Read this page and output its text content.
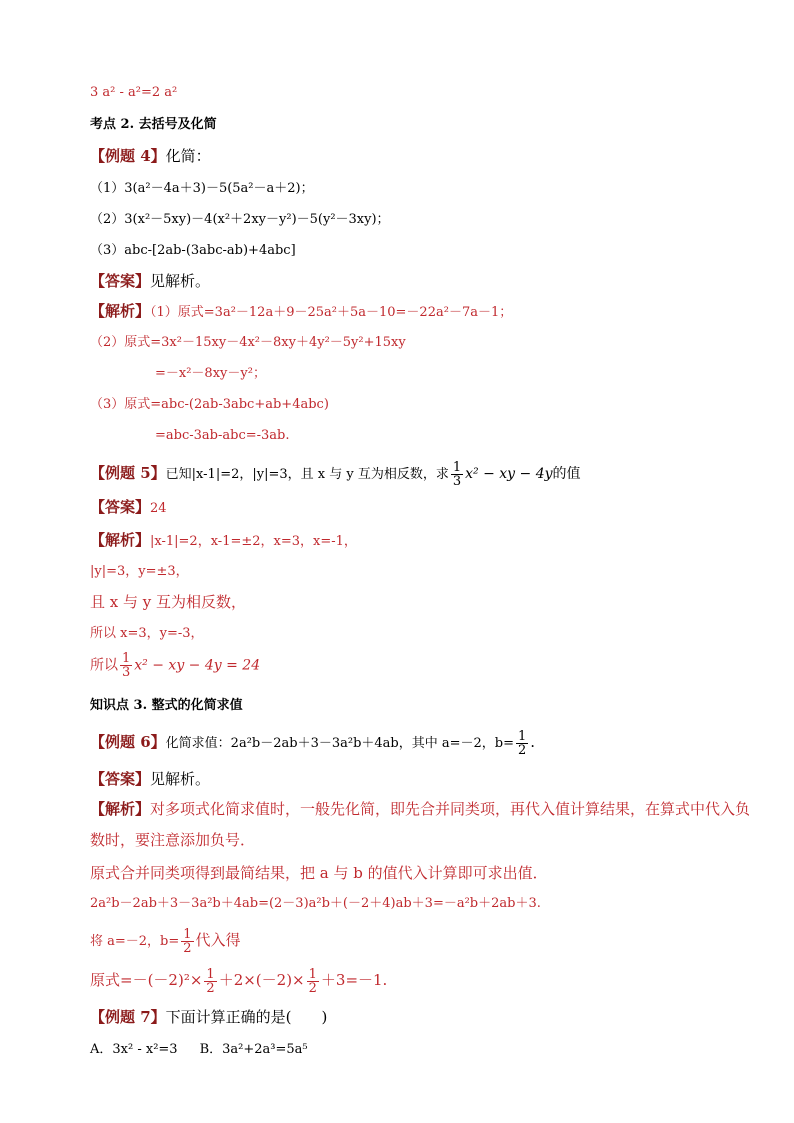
3 a² - a²=2 a²
考点 2. 去括号及化简
【例题 4】化简：
（1）3(a²－4a＋3)－5(5a²－a＋2)；
（2）3(x²－5xy)－4(x²＋2xy－y²)－5(y²－3xy)；
（3）abc-[2ab-(3abc-ab)+4abc]
【答案】见解析。
【解析】（1）原式=3a²－12a＋9－25a²＋5a－10=－22a²－7a－1；
（2）原式=3x²－15xy－4x²－8xy＋4y²－5y²+15xy
=－x²－8xy－y²；
（3）原式=abc-(2ab-3abc+ab+4abc)
=abc-3ab-abc=-3ab.
【例题 5】已知|x-1|=2，|y|=3，且 x 与 y 互为相反数，求 $\frac{1}{3} x^2$ − xy − 4y的值
【答案】24
【解析】|x-1|=2，x-1=±2，x=3，x=-1，
|y|=3，y=±3，
且 x 与 y 互为相反数，
所以 x=3，y=-3，
所以 $\frac{1}{3} x^2$ − xy − 4y = 24
知识点 3. 整式的化简求值
【例题 6】化简求值：2a²b－2ab＋3－3a²b＋4ab，其中 a=－2，$b= \frac{1}{2}$ .
【答案】见解析。
【解析】对多项式化简求值时，一般先化简，即先合并同类项，再代入值计算结果，在算式中代入负
数时，要注意添加负号．
原式合并同类项得到最简结果，把 a 与 b 的值代入计算即可求出值．
2a²b－2ab＋3－3a²b＋4ab=(2－3)a²b＋(－2＋4)ab＋3=－a²b＋2ab＋3.
将 a=－2，$b= \frac{1}{2}$ 代入得
原式$=-(-2)^2\times \frac{1}{2} +2\times(-2)\times \frac{1}{2} +3=-1$.
【例题 7】下面计算正确的是(　　)
A．3x² - x²=3 B．3a²+2a³=5a⁵
